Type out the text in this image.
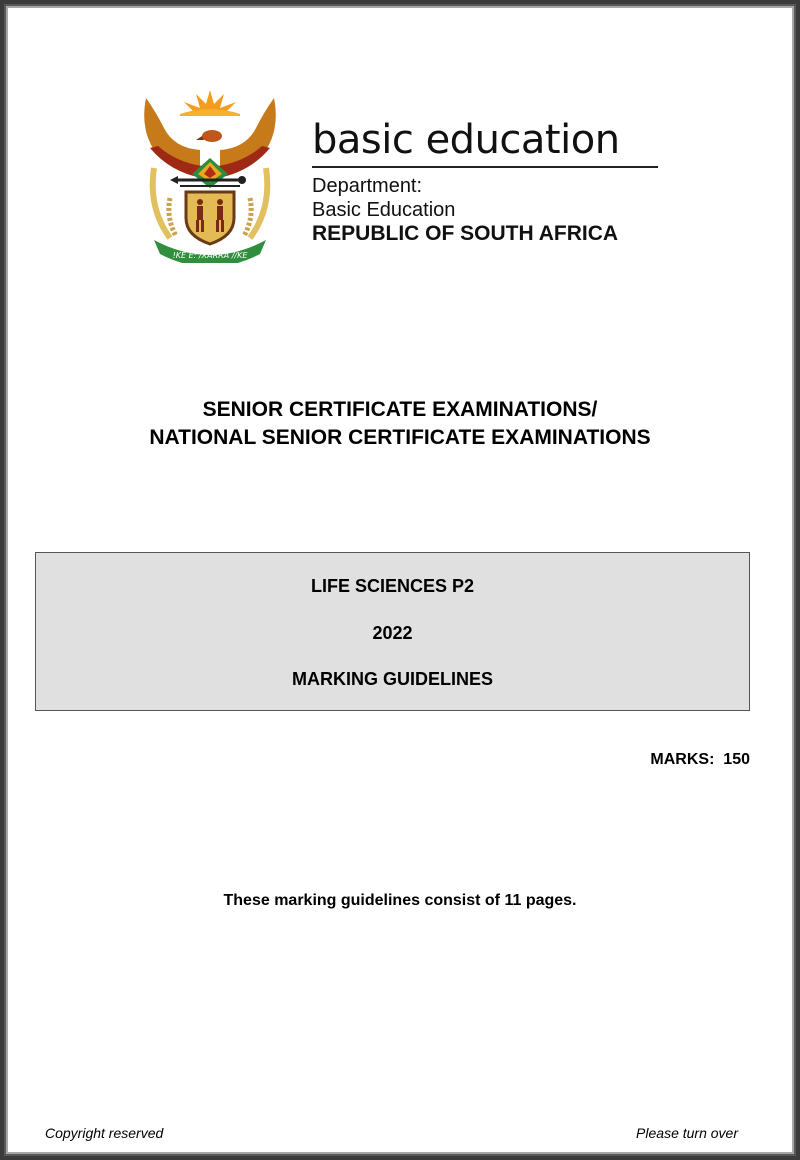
!KE E: /XARRA //KE
basic education
Department:
Basic Education
REPUBLIC OF SOUTH AFRICA
SENIOR CERTIFICATE EXAMINATIONS/
NATIONAL SENIOR CERTIFICATE EXAMINATIONS
LIFE SCIENCES P2
2022
MARKING GUIDELINES
MARKS:  150
These marking guidelines consist of 11 pages.
Copyright reserved	Please turn over
